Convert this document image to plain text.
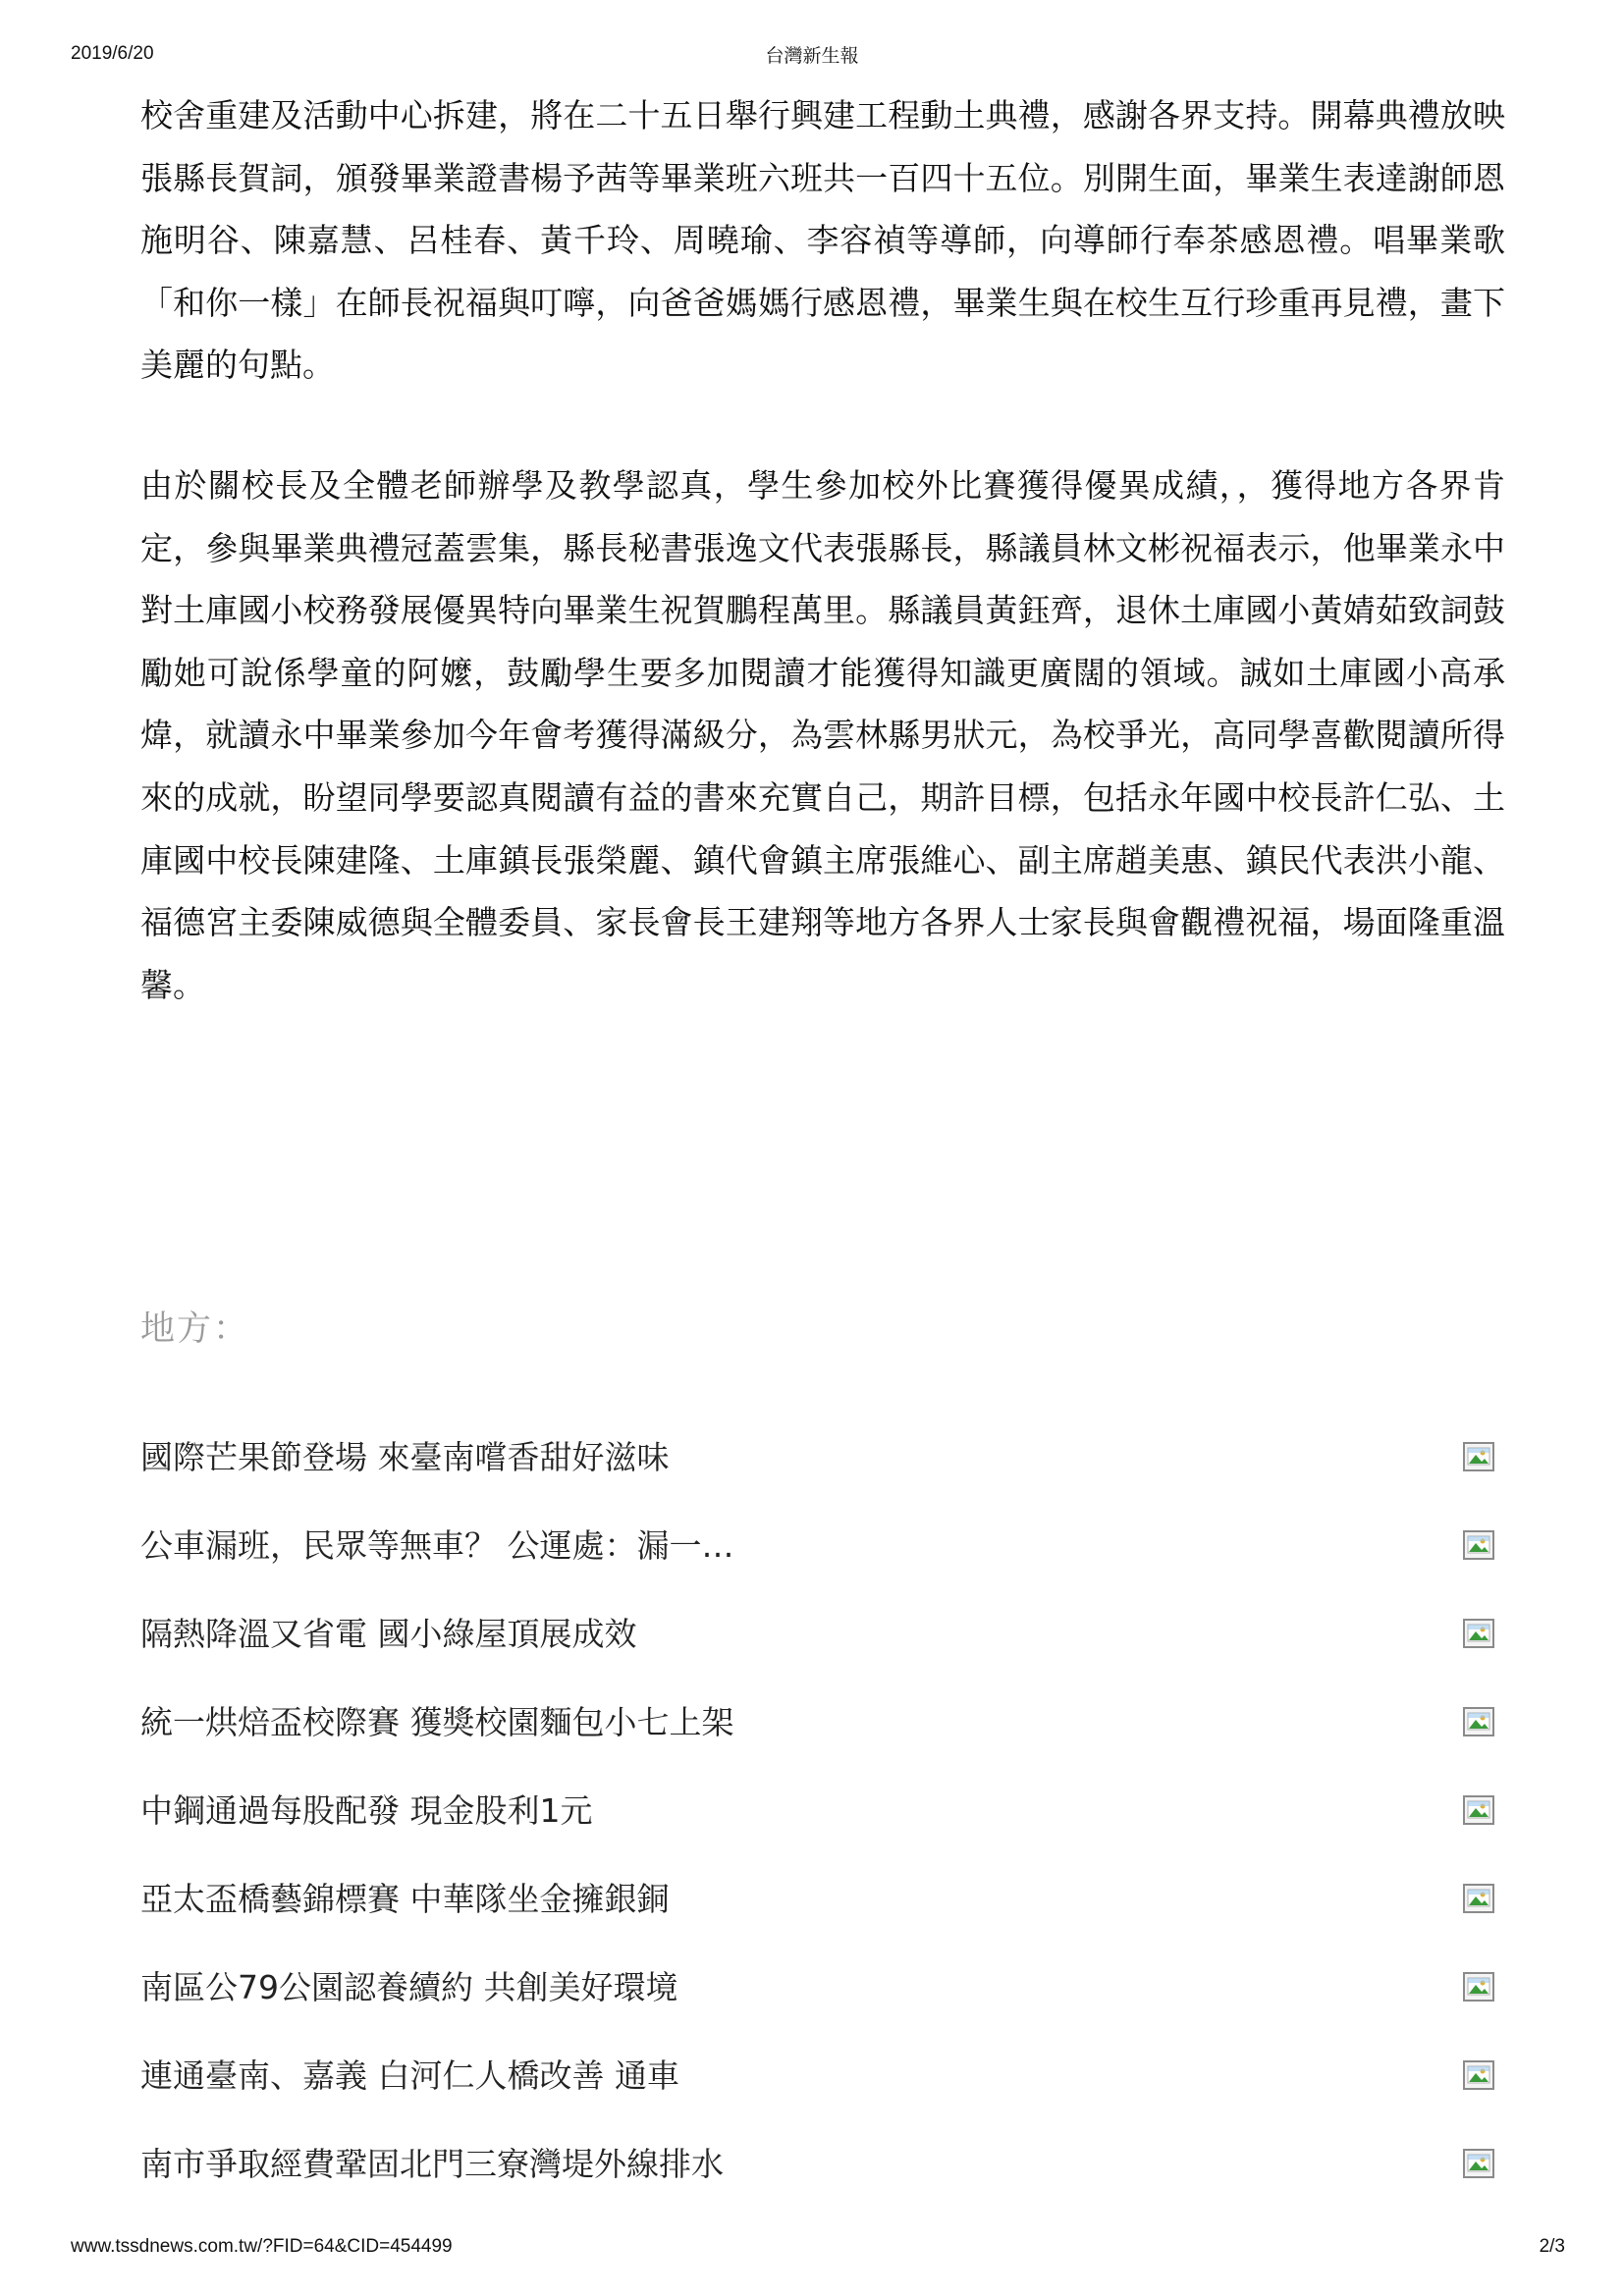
2019/6/20	台灣新生報

校舍重建及活動中心拆建，將在二十五日舉行興建工程動土典禮，感謝各界支持。開幕典禮放映張縣長賀詞，頒發畢業證書楊予茜等畢業班六班共一百四十五位。別開生面，畢業生表達謝師恩施明谷、陳嘉慧、呂桂春、黃千玲、周曉瑜、李容禎等導師，向導師行奉茶感恩禮。唱畢業歌「和你一樣」在師長祝福與叮嚀，向爸爸媽媽行感恩禮，畢業生與在校生互行珍重再見禮，畫下美麗的句點。

由於關校長及全體老師辦學及教學認真，學生參加校外比賽獲得優異成績，，獲得地方各界肯定，參與畢業典禮冠蓋雲集，縣長秘書張逸文代表張縣長，縣議員林文彬祝福表示，他畢業永中對土庫國小校務發展優異特向畢業生祝賀鵬程萬里。縣議員黃鈺齊，退休土庫國小黃婧茹致詞鼓勵她可說係學童的阿嬤，鼓勵學生要多加閱讀才能獲得知識更廣闊的領域。誠如土庫國小高承煒，就讀永中畢業參加今年會考獲得滿級分，為雲林縣男狀元，為校爭光，高同學喜歡閱讀所得來的成就，盼望同學要認真閱讀有益的書來充實自己，期許目標，包括永年國中校長許仁弘、土庫國中校長陳建隆、土庫鎮長張榮麗、鎮代會鎮主席張維心、副主席趙美惠、鎮民代表洪小龍、福德宮主委陳威德與全體委員、家長會長王建翔等地方各界人士家長與會觀禮祝福，場面隆重溫馨。

地方：
國際芒果節登場 來臺南嚐香甜好滋味
公車漏班，民眾等無車？ 公運處：漏一…
隔熱降溫又省電 國小綠屋頂展成效
統一烘焙盃校際賽 獲獎校園麵包小七上架
中鋼通過每股配發 現金股利1元
亞太盃橋藝錦標賽 中華隊坐金擁銀銅
南區公79公園認養續約 共創美好環境
連通臺南、嘉義 白河仁人橋改善 通車
南市爭取經費鞏固北門三寮灣堤外線排水
www.tssdnews.com.tw/?FID=64&CID=454499	2/3
